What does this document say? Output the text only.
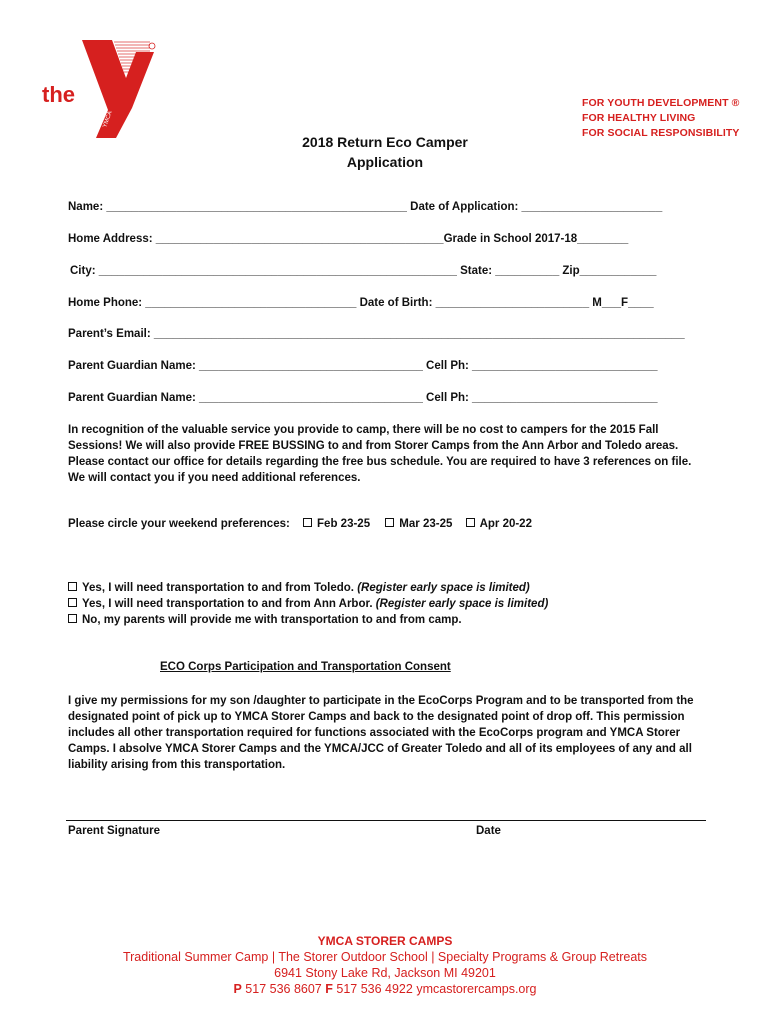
the
YMCA
FOR YOUTH DEVELOPMENT ®
FOR HEALTHY LIVING
FOR SOCIAL RESPONSIBILITY
2018 Return Eco Camper
Application
Name: _______________________________________________ Date of Application: ______________________
Home Address: _____________________________________________Grade in School 2017-18________
City: ________________________________________________________ State: __________ Zip____________
Home Phone: _________________________________ Date of Birth: ________________________ M___F____
Parent’s Email: ___________________________________________________________________________________
Parent Guardian Name: ___________________________________ Cell Ph: _____________________________
Parent Guardian Name: ___________________________________ Cell Ph: _____________________________
In recognition of the valuable service you provide to camp, there will be no cost to campers for the 2015 Fall Sessions! We will also provide FREE BUSSING to and from Storer Camps from the Ann Arbor and Toledo areas. Please contact our office for details regarding the free bus schedule. You are required to have 3 references on file. We will contact you if you need additional references.
Please circle your weekend preferences: Feb 23-25	Mar 23-25 Apr 20-22
Yes, I will need transportation to and from Toledo. (Register early space is limited)
Yes, I will need transportation to and from Ann Arbor. (Register early space is limited)
No, my parents will provide me with transportation to and from camp.
ECO Corps Participation and Transportation Consent
I give my permissions for my son /daughter to participate in the EcoCorps Program and to be transported from the designated point of pick up to YMCA Storer Camps and back to the designated point of drop off. This permission includes all other transportation required for functions associated with the EcoCorps program and YMCA Storer Camps. I absolve YMCA Storer Camps and the YMCA/JCC of Greater Toledo and all of its employees of any and all liability arising from this transportation.
Parent Signature	Date
YMCA STORER CAMPS
Traditional Summer Camp | The Storer Outdoor School | Specialty Programs & Group Retreats
6941 Stony Lake Rd, Jackson MI 49201
P 517 536 8607 F 517 536 4922 ymcastorercamps.org
